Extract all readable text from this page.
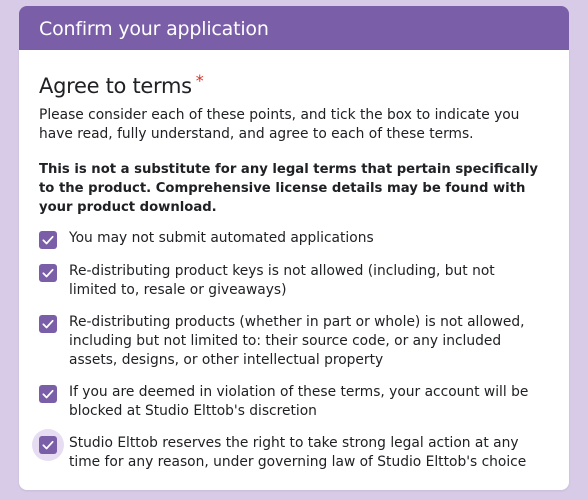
Confirm your application
Agree to terms *

Please consider each of these points, and tick the box to indicate you have read, fully understand, and agree to each of these terms.

This is not a substitute for any legal terms that pertain specifically to the product. Comprehensive license details may be found with your product download.

You may not submit automated applications
Re-distributing product keys is not allowed (including, but not limited to, resale or giveaways)
Re-distributing products (whether in part or whole) is not allowed, including but not limited to: their source code, or any included assets, designs, or other intellectual property
If you are deemed in violation of these terms, your account will be blocked at Studio Elttob's discretion
Studio Elttob reserves the right to take strong legal action at any time for any reason, under governing law of Studio Elttob's choice
